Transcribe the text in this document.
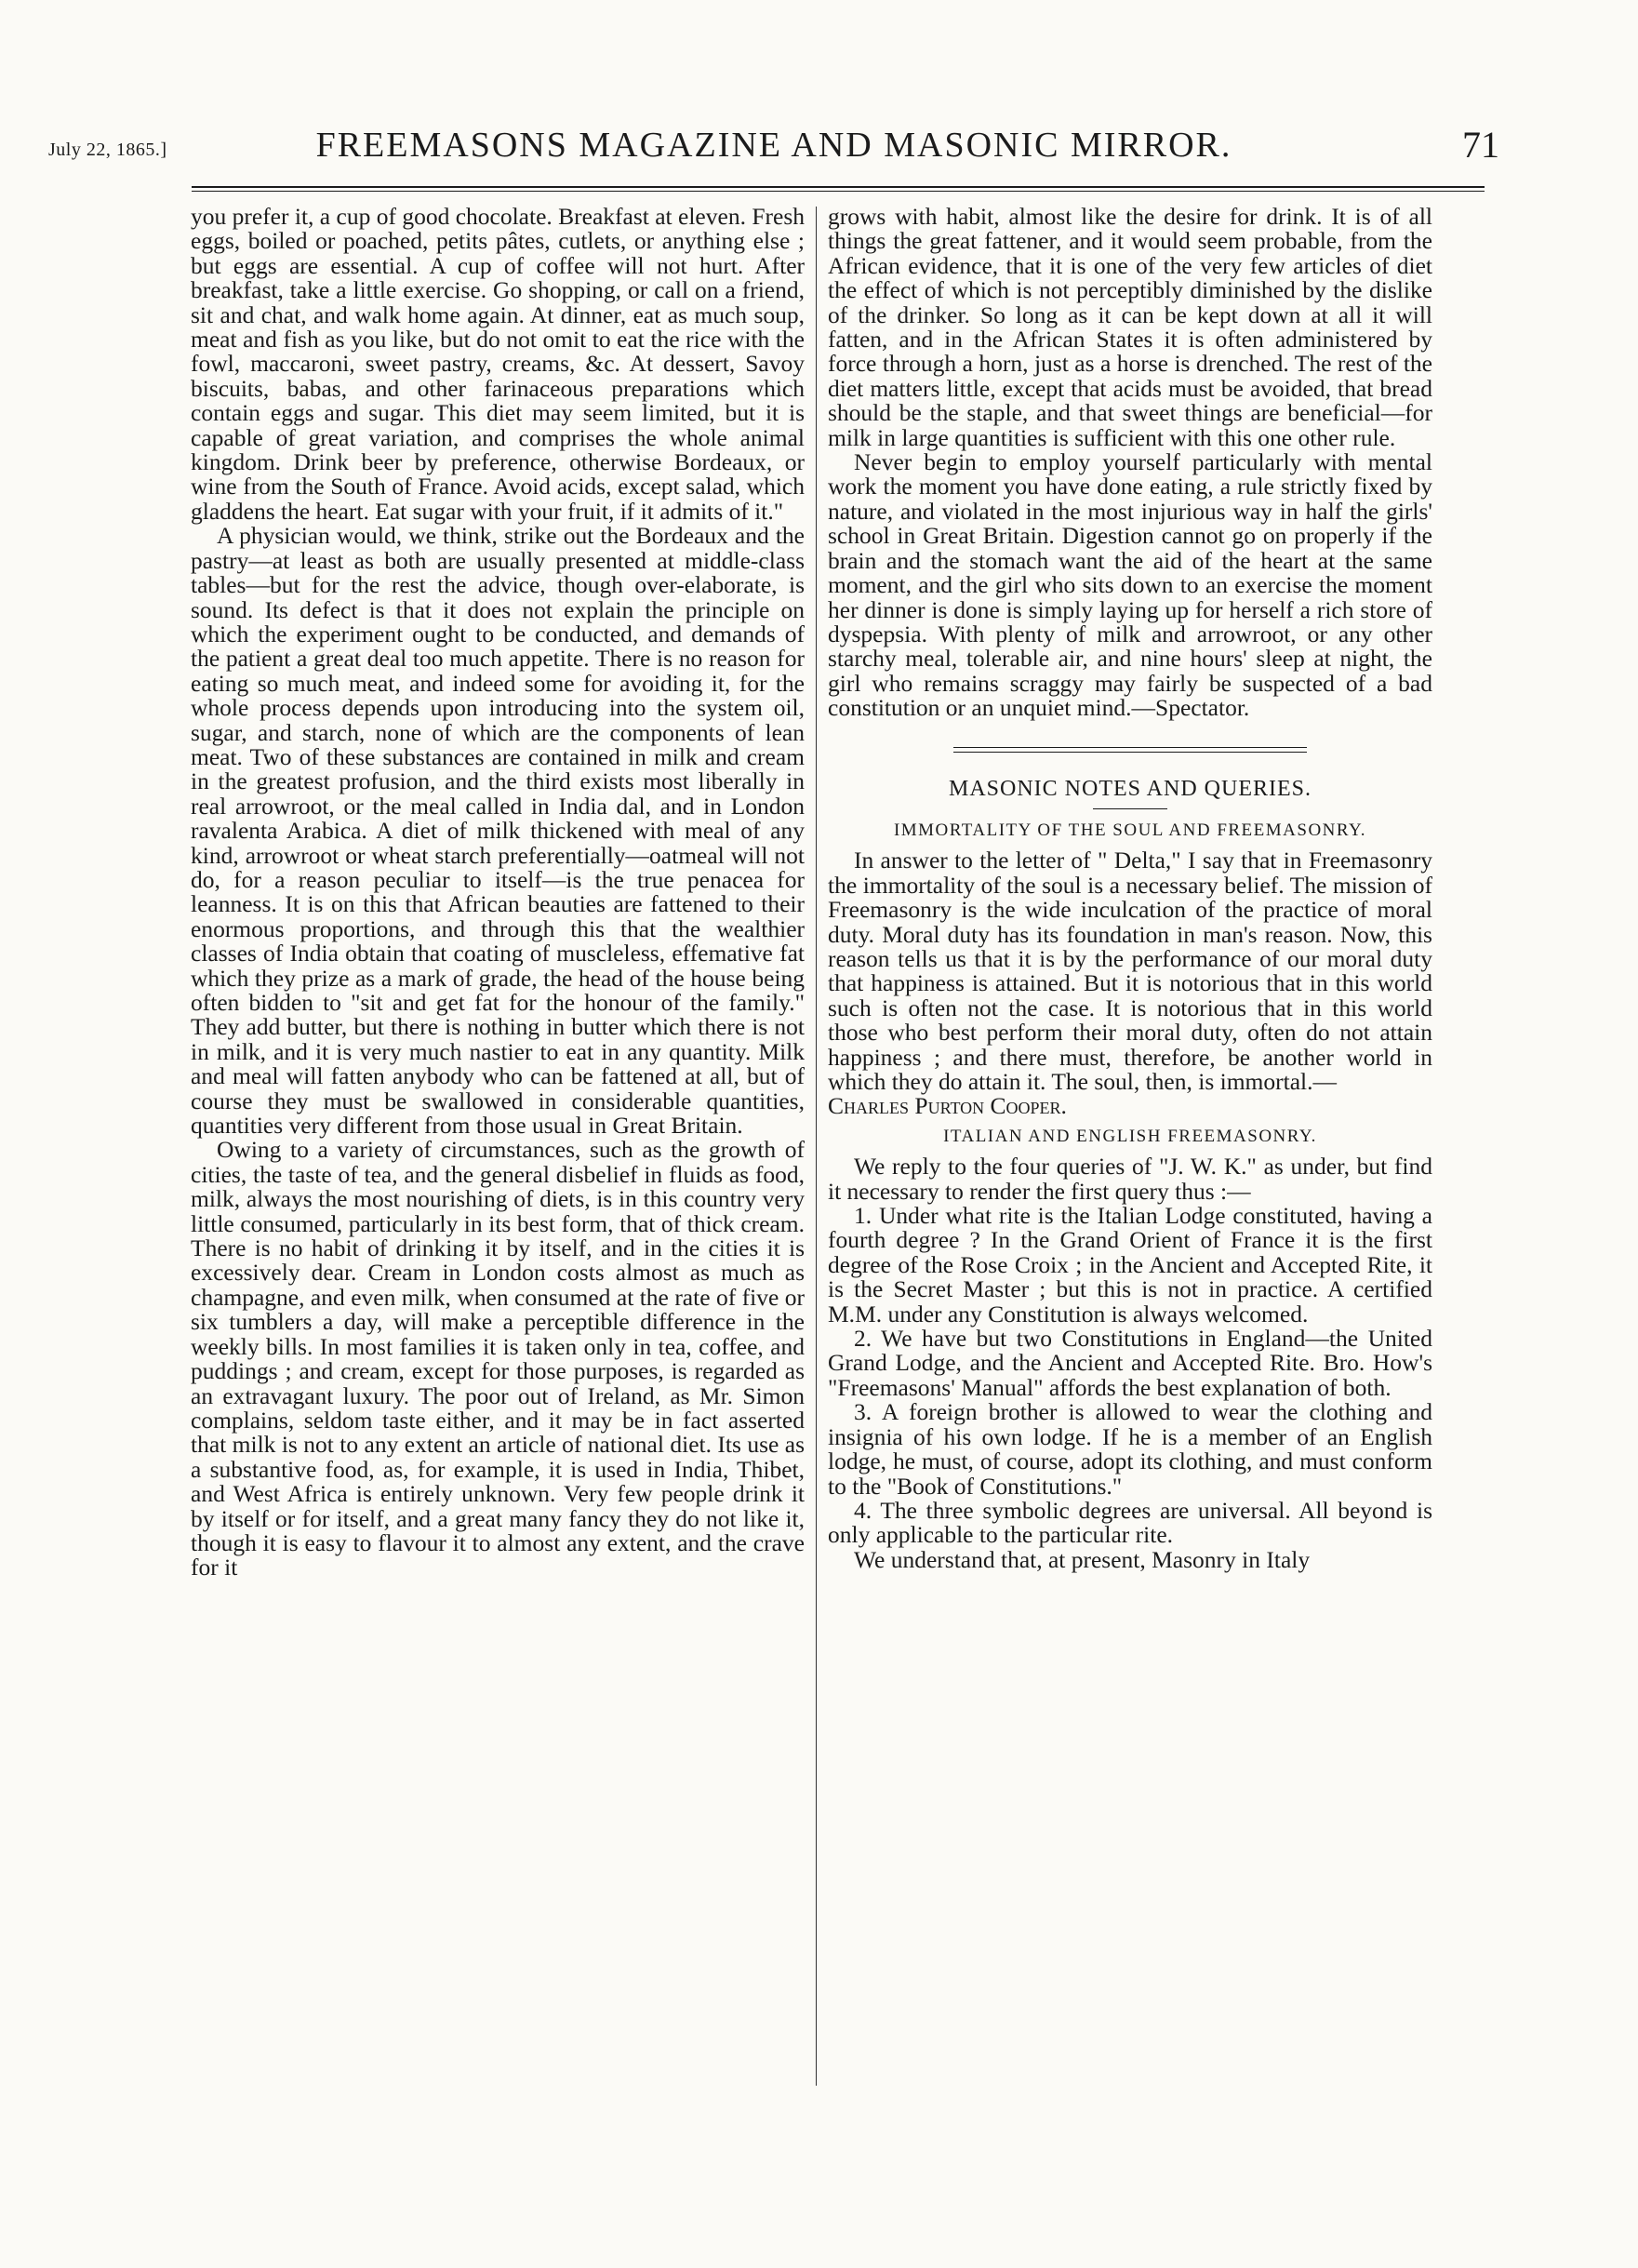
July 22, 1865.]	FREEMASONS MAGAZINE AND MASONIC MIRROR.	71

you prefer it, a cup of good chocolate. Breakfast at eleven. Fresh eggs, boiled or poached, petits pâtes, cutlets, or anything else ; but eggs are essential. A cup of coffee will not hurt. After breakfast, take a little exercise. Go shopping, or call on a friend, sit and chat, and walk home again. At dinner, eat as much soup, meat and fish as you like, but do not omit to eat the rice with the fowl, maccaroni, sweet pastry, creams, &c. At dessert, Savoy biscuits, babas, and other farinaceous preparations which contain eggs and sugar. This diet may seem limited, but it is capable of great variation, and comprises the whole animal kingdom. Drink beer by preference, otherwise Bordeaux, or wine from the South of France. Avoid acids, except salad, which gladdens the heart. Eat sugar with your fruit, if it admits of it."

A physician would, we think, strike out the Bordeaux and the pastry—at least as both are usually presented at middle-class tables—but for the rest the advice, though over-elaborate, is sound. Its defect is that it does not explain the principle on which the experiment ought to be conducted, and demands of the patient a great deal too much appetite. There is no reason for eating so much meat, and indeed some for avoiding it, for the whole process depends upon introducing into the system oil, sugar, and starch, none of which are the components of lean meat. Two of these substances are contained in milk and cream in the greatest profusion, and the third exists most liberally in real arrowroot, or the meal called in India dal, and in London ravalenta Arabica. A diet of milk thickened with meal of any kind, arrowroot or wheat starch preferentially—oatmeal will not do, for a reason peculiar to itself—is the true penacea for leanness. It is on this that African beauties are fattened to their enormous proportions, and through this that the wealthier classes of India obtain that coating of muscleless, effemative fat which they prize as a mark of grade, the head of the house being often bidden to "sit and get fat for the honour of the family." They add butter, but there is nothing in butter which there is not in milk, and it is very much nastier to eat in any quantity. Milk and meal will fatten anybody who can be fattened at all, but of course they must be swallowed in considerable quantities, quantities very different from those usual in Great Britain.

Owing to a variety of circumstances, such as the growth of cities, the taste of tea, and the general disbelief in fluids as food, milk, always the most nourishing of diets, is in this country very little consumed, particularly in its best form, that of thick cream. There is no habit of drinking it by itself, and in the cities it is excessively dear. Cream in London costs almost as much as champagne, and even milk, when consumed at the rate of five or six tumblers a day, will make a perceptible difference in the weekly bills. In most families it is taken only in tea, coffee, and puddings ; and cream, except for those purposes, is regarded as an extravagant luxury. The poor out of Ireland, as Mr. Simon complains, seldom taste either, and it may be in fact asserted that milk is not to any extent an article of national diet. Its use as a substantive food, as, for example, it is used in India, Thibet, and West Africa is entirely unknown. Very few people drink it by itself or for itself, and a great many fancy they do not like it, though it is easy to flavour it to almost any extent, and the crave for it

grows with habit, almost like the desire for drink. It is of all things the great fattener, and it would seem probable, from the African evidence, that it is one of the very few articles of diet the effect of which is not perceptibly diminished by the dislike of the drinker. So long as it can be kept down at all it will fatten, and in the African States it is often administered by force through a horn, just as a horse is drenched. The rest of the diet matters little, except that acids must be avoided, that bread should be the staple, and that sweet things are beneficial—for milk in large quantities is sufficient with this one other rule.

Never begin to employ yourself particularly with mental work the moment you have done eating, a rule strictly fixed by nature, and violated in the most injurious way in half the girls' school in Great Britain. Digestion cannot go on properly if the brain and the stomach want the aid of the heart at the same moment, and the girl who sits down to an exercise the moment her dinner is done is simply laying up for herself a rich store of dyspepsia. With plenty of milk and arrowroot, or any other starchy meal, tolerable air, and nine hours' sleep at night, the girl who remains scraggy may fairly be suspected of a bad constitution or an unquiet mind.—Spectator.

MASONIC NOTES AND QUERIES.
IMMORTALITY OF THE SOUL AND FREEMASONRY.

In answer to the letter of " Delta," I say that in Freemasonry the immortality of the soul is a necessary belief. The mission of Freemasonry is the wide inculcation of the practice of moral duty. Moral duty has its foundation in man's reason. Now, this reason tells us that it is by the performance of our moral duty that happiness is attained. But it is notorious that in this world such is often not the case. It is notorious that in this world those who best perform their moral duty, often do not attain happiness ; and there must, therefore, be another world in which they do attain it. The soul, then, is immortal.—

Charles Purton Cooper.

ITALIAN AND ENGLISH FREEMASONRY.

We reply to the four queries of "J. W. K." as under, but find it necessary to render the first query thus :—

1. Under what rite is the Italian Lodge constituted, having a fourth degree ? In the Grand Orient of France it is the first degree of the Rose Croix ; in the Ancient and Accepted Rite, it is the Secret Master ; but this is not in practice. A certified M.M. under any Constitution is always welcomed.

2. We have but two Constitutions in England—the United Grand Lodge, and the Ancient and Accepted Rite. Bro. How's "Freemasons' Manual" affords the best explanation of both.

3. A foreign brother is allowed to wear the clothing and insignia of his own lodge. If he is a member of an English lodge, he must, of course, adopt its clothing, and must conform to the "Book of Constitutions."

4. The three symbolic degrees are universal. All beyond is only applicable to the particular rite.

We understand that, at present, Masonry in Italy
